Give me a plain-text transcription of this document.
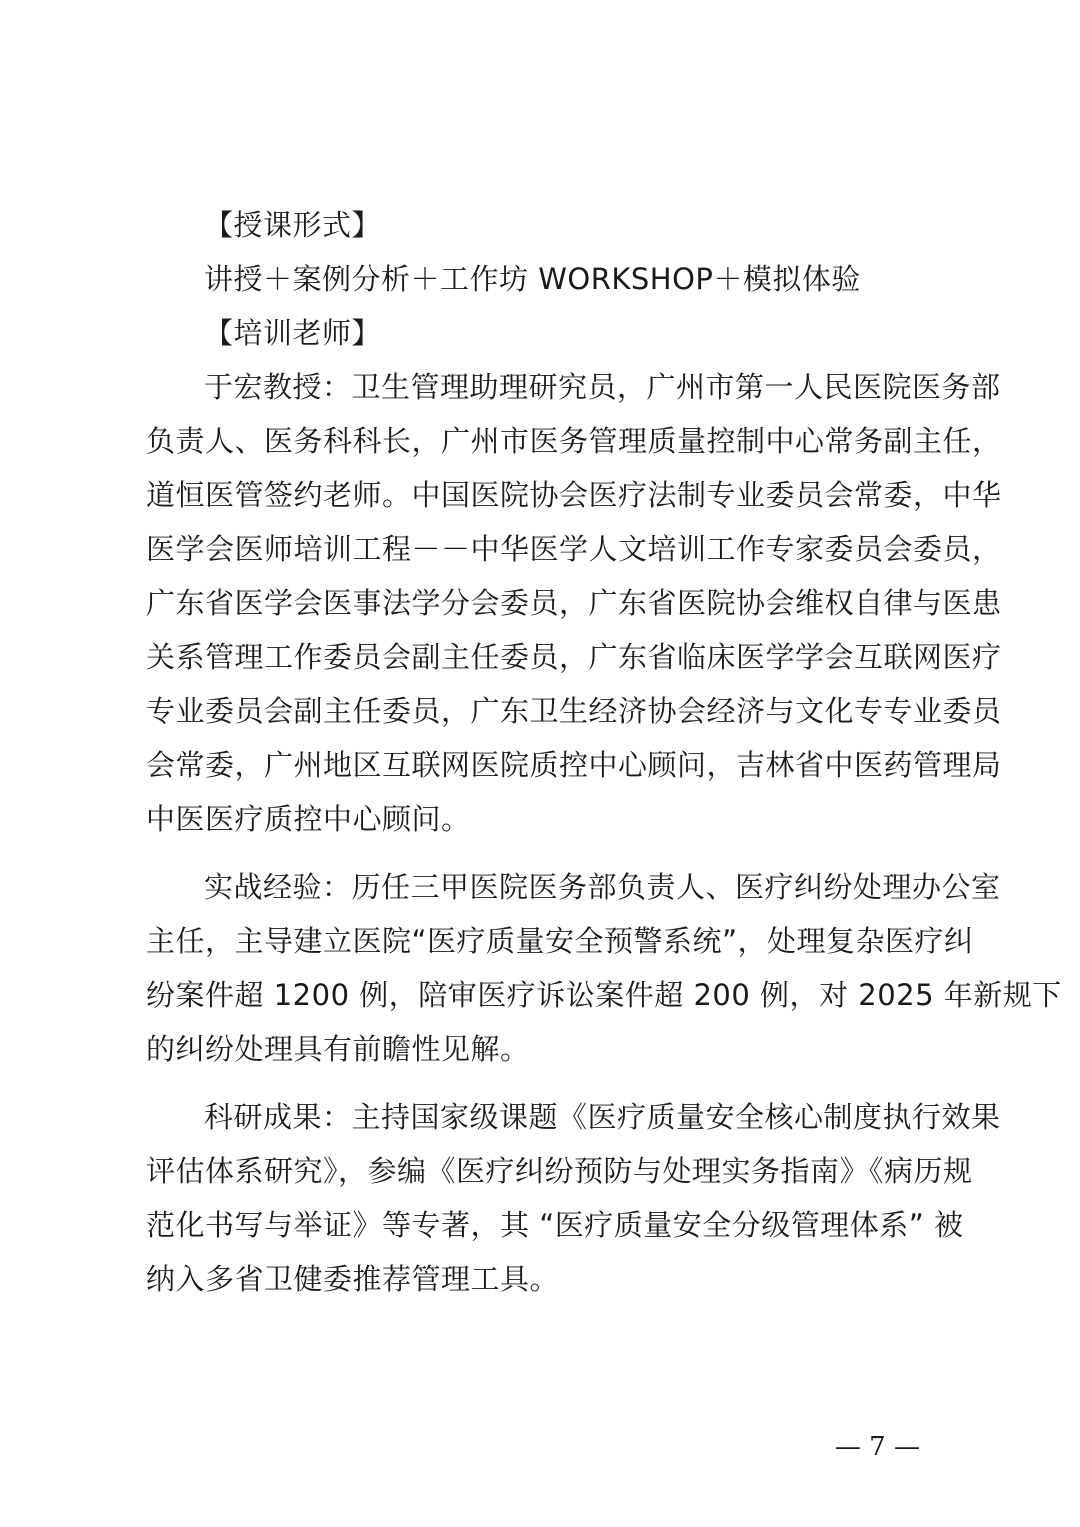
【授课形式】
讲授＋案例分析＋工作坊 WORKSHOP＋模拟体验
【培训老师】
于宏教授：卫生管理助理研究员，广州市第一人民医院医务部
负责人、医务科科长，广州市医务管理质量控制中心常务副主任，
道恒医管签约老师。中国医院协会医疗法制专业委员会常委，中华
医学会医师培训工程－－中华医学人文培训工作专家委员会委员，
广东省医学会医事法学分会委员，广东省医院协会维权自律与医患
关系管理工作委员会副主任委员，广东省临床医学学会互联网医疗
专业委员会副主任委员，广东卫生经济协会经济与文化专专业委员
会常委，广州地区互联网医院质控中心顾问，吉林省中医药管理局
中医医疗质控中心顾问。
实战经验：历任三甲医院医务部负责人、医疗纠纷处理办公室
主任，主导建立医院“医疗质量安全预警系统”，处理复杂医疗纠
纷案件超 1200 例，陪审医疗诉讼案件超 200 例，对 2025 年新规下
的纠纷处理具有前瞻性见解。
科研成果：主持国家级课题《医疗质量安全核心制度执行效果
评估体系研究》，参编《医疗纠纷预防与处理实务指南》《病历规
范化书写与举证》等专著，其 “医疗质量安全分级管理体系” 被
纳入多省卫健委推荐管理工具。
— 7 —
